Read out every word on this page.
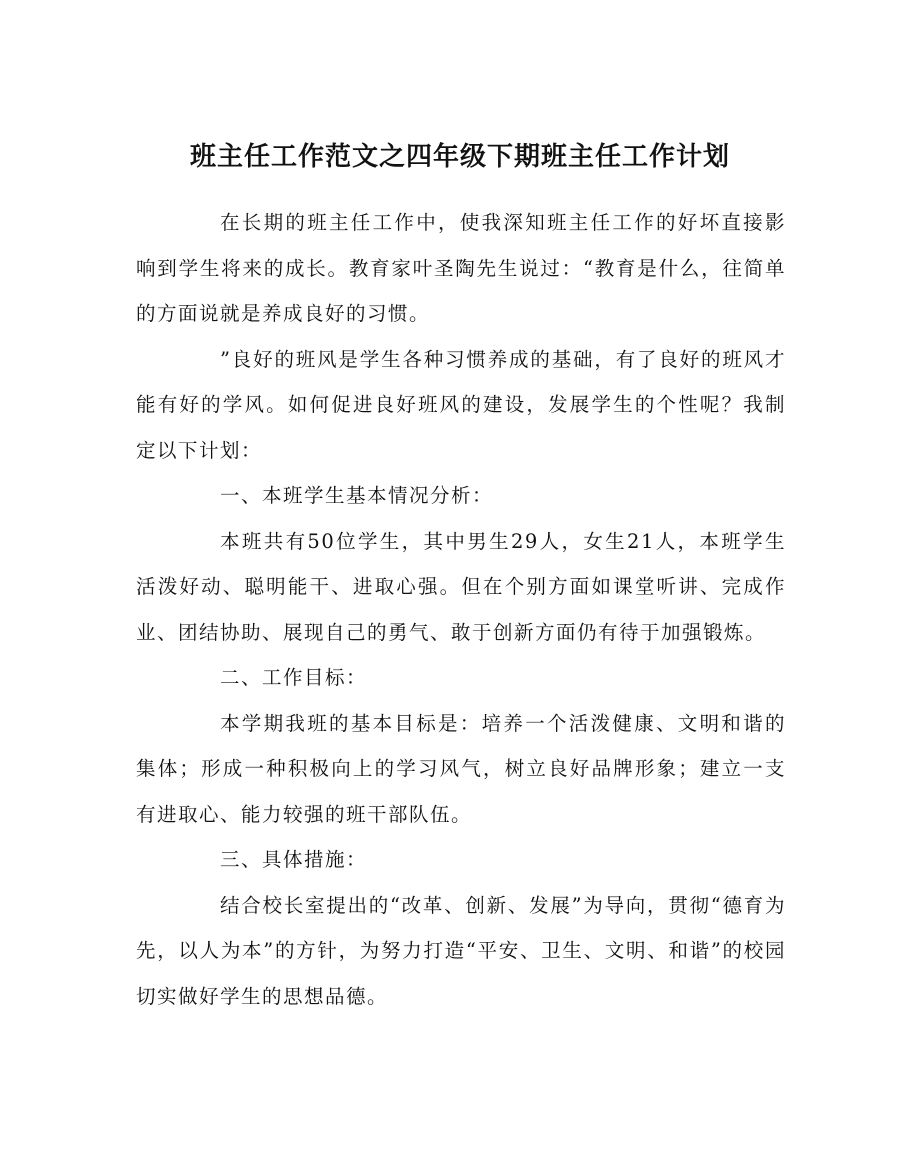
班主任工作范文之四年级下期班主任工作计划

在长期的班主任工作中，使我深知班主任工作的好坏直接影响到学生将来的成长。教育家叶圣陶先生说过：“教育是什么，往简单的方面说就是养成良好的习惯。

”良好的班风是学生各种习惯养成的基础，有了良好的班风才能有好的学风。如何促进良好班风的建设，发展学生的个性呢？我制定以下计划：

一、本班学生基本情况分析：

本班共有50位学生，其中男生29人，女生21人，本班学生活泼好动、聪明能干、进取心强。但在个别方面如课堂听讲、完成作业、团结协助、展现自己的勇气、敢于创新方面仍有待于加强锻炼。

二、工作目标：

本学期我班的基本目标是：培养一个活泼健康、文明和谐的集体；形成一种积极向上的学习风气，树立良好品牌形象；建立一支有进取心、能力较强的班干部队伍。

三、具体措施：

结合校长室提出的“改革、创新、发展”为导向，贯彻“德育为先，以人为本”的方针，为努力打造“平安、卫生、文明、和谐”的校园切实做好学生的思想品德。
